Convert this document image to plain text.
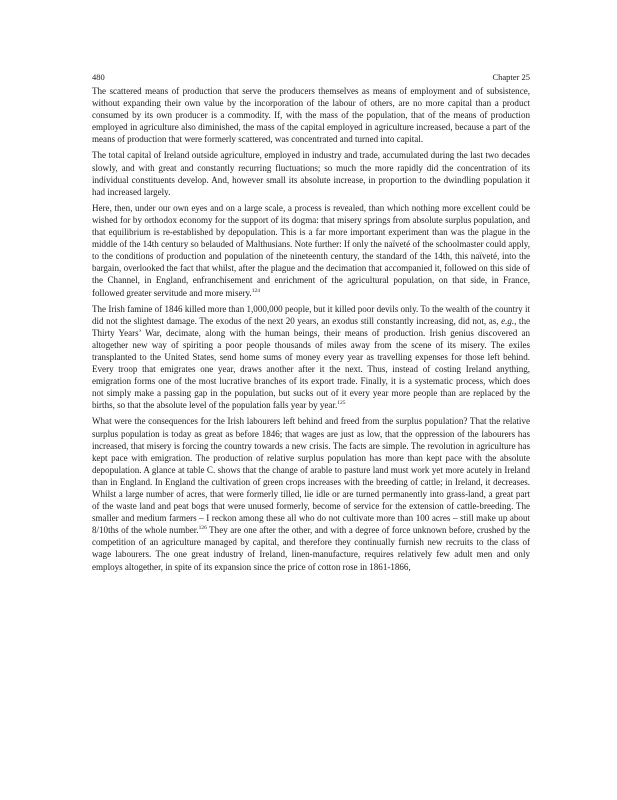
480	Chapter 25

The scattered means of production that serve the producers themselves as means of employment and of subsistence, without expanding their own value by the incorporation of the labour of others, are no more capital than a product consumed by its own producer is a commodity. If, with the mass of the population, that of the means of production employed in agriculture also diminished, the mass of the capital employed in agriculture increased, because a part of the means of production that were formerly scattered, was concentrated and turned into capital.

The total capital of Ireland outside agriculture, employed in industry and trade, accumulated during the last two decades slowly, and with great and constantly recurring fluctuations; so much the more rapidly did the concentration of its individual constituents develop. And, however small its absolute increase, in proportion to the dwindling population it had increased largely.

Here, then, under our own eyes and on a large scale, a process is revealed, than which nothing more excellent could be wished for by orthodox economy for the support of its dogma: that misery springs from absolute surplus population, and that equilibrium is re-established by depopulation. This is a far more important experiment than was the plague in the middle of the 14th century so belauded of Malthusians. Note further: If only the naïveté of the schoolmaster could apply, to the conditions of production and population of the nineteenth century, the standard of the 14th, this naïveté, into the bargain, overlooked the fact that whilst, after the plague and the decimation that accompanied it, followed on this side of the Channel, in England, enfranchisement and enrichment of the agricultural population, on that side, in France, followed greater servitude and more misery.$^{124}$

The Irish famine of 1846 killed more than 1,000,000 people, but it killed poor devils only. To the wealth of the country it did not the slightest damage. The exodus of the next 20 years, an exodus still constantly increasing, did not, as, e.g., the Thirty Years’ War, decimate, along with the human beings, their means of production. Irish genius discovered an altogether new way of spiriting a poor people thousands of miles away from the scene of its misery. The exiles transplanted to the United States, send home sums of money every year as travelling expenses for those left behind. Every troop that emigrates one year, draws another after it the next. Thus, instead of costing Ireland anything, emigration forms one of the most lucrative branches of its export trade. Finally, it is a systematic process, which does not simply make a passing gap in the population, but sucks out of it every year more people than are replaced by the births, so that the absolute level of the population falls year by year.$^{125}$

What were the consequences for the Irish labourers left behind and freed from the surplus population? That the relative surplus population is today as great as before 1846; that wages are just as low, that the oppression of the labourers has increased, that misery is forcing the country towards a new crisis. The facts are simple. The revolution in agriculture has kept pace with emigration. The production of relative surplus population has more than kept pace with the absolute depopulation. A glance at table C. shows that the change of arable to pasture land must work yet more acutely in Ireland than in England. In England the cultivation of green crops increases with the breeding of cattle; in Ireland, it decreases. Whilst a large number of acres, that were formerly tilled, lie idle or are turned permanently into grass-land, a great part of the waste land and peat bogs that were unused formerly, become of service for the extension of cattle-breeding. The smaller and medium farmers – I reckon among these all who do not cultivate more than 100 acres – still make up about 8/10ths of the whole number.$^{126}$ They are one after the other, and with a degree of force unknown before, crushed by the competition of an agriculture managed by capital, and therefore they continually furnish new recruits to the class of wage labourers. The one great industry of Ireland, linen-manufacture, requires relatively few adult men and only employs altogether, in spite of its expansion since the price of cotton rose in 1861-1866,
